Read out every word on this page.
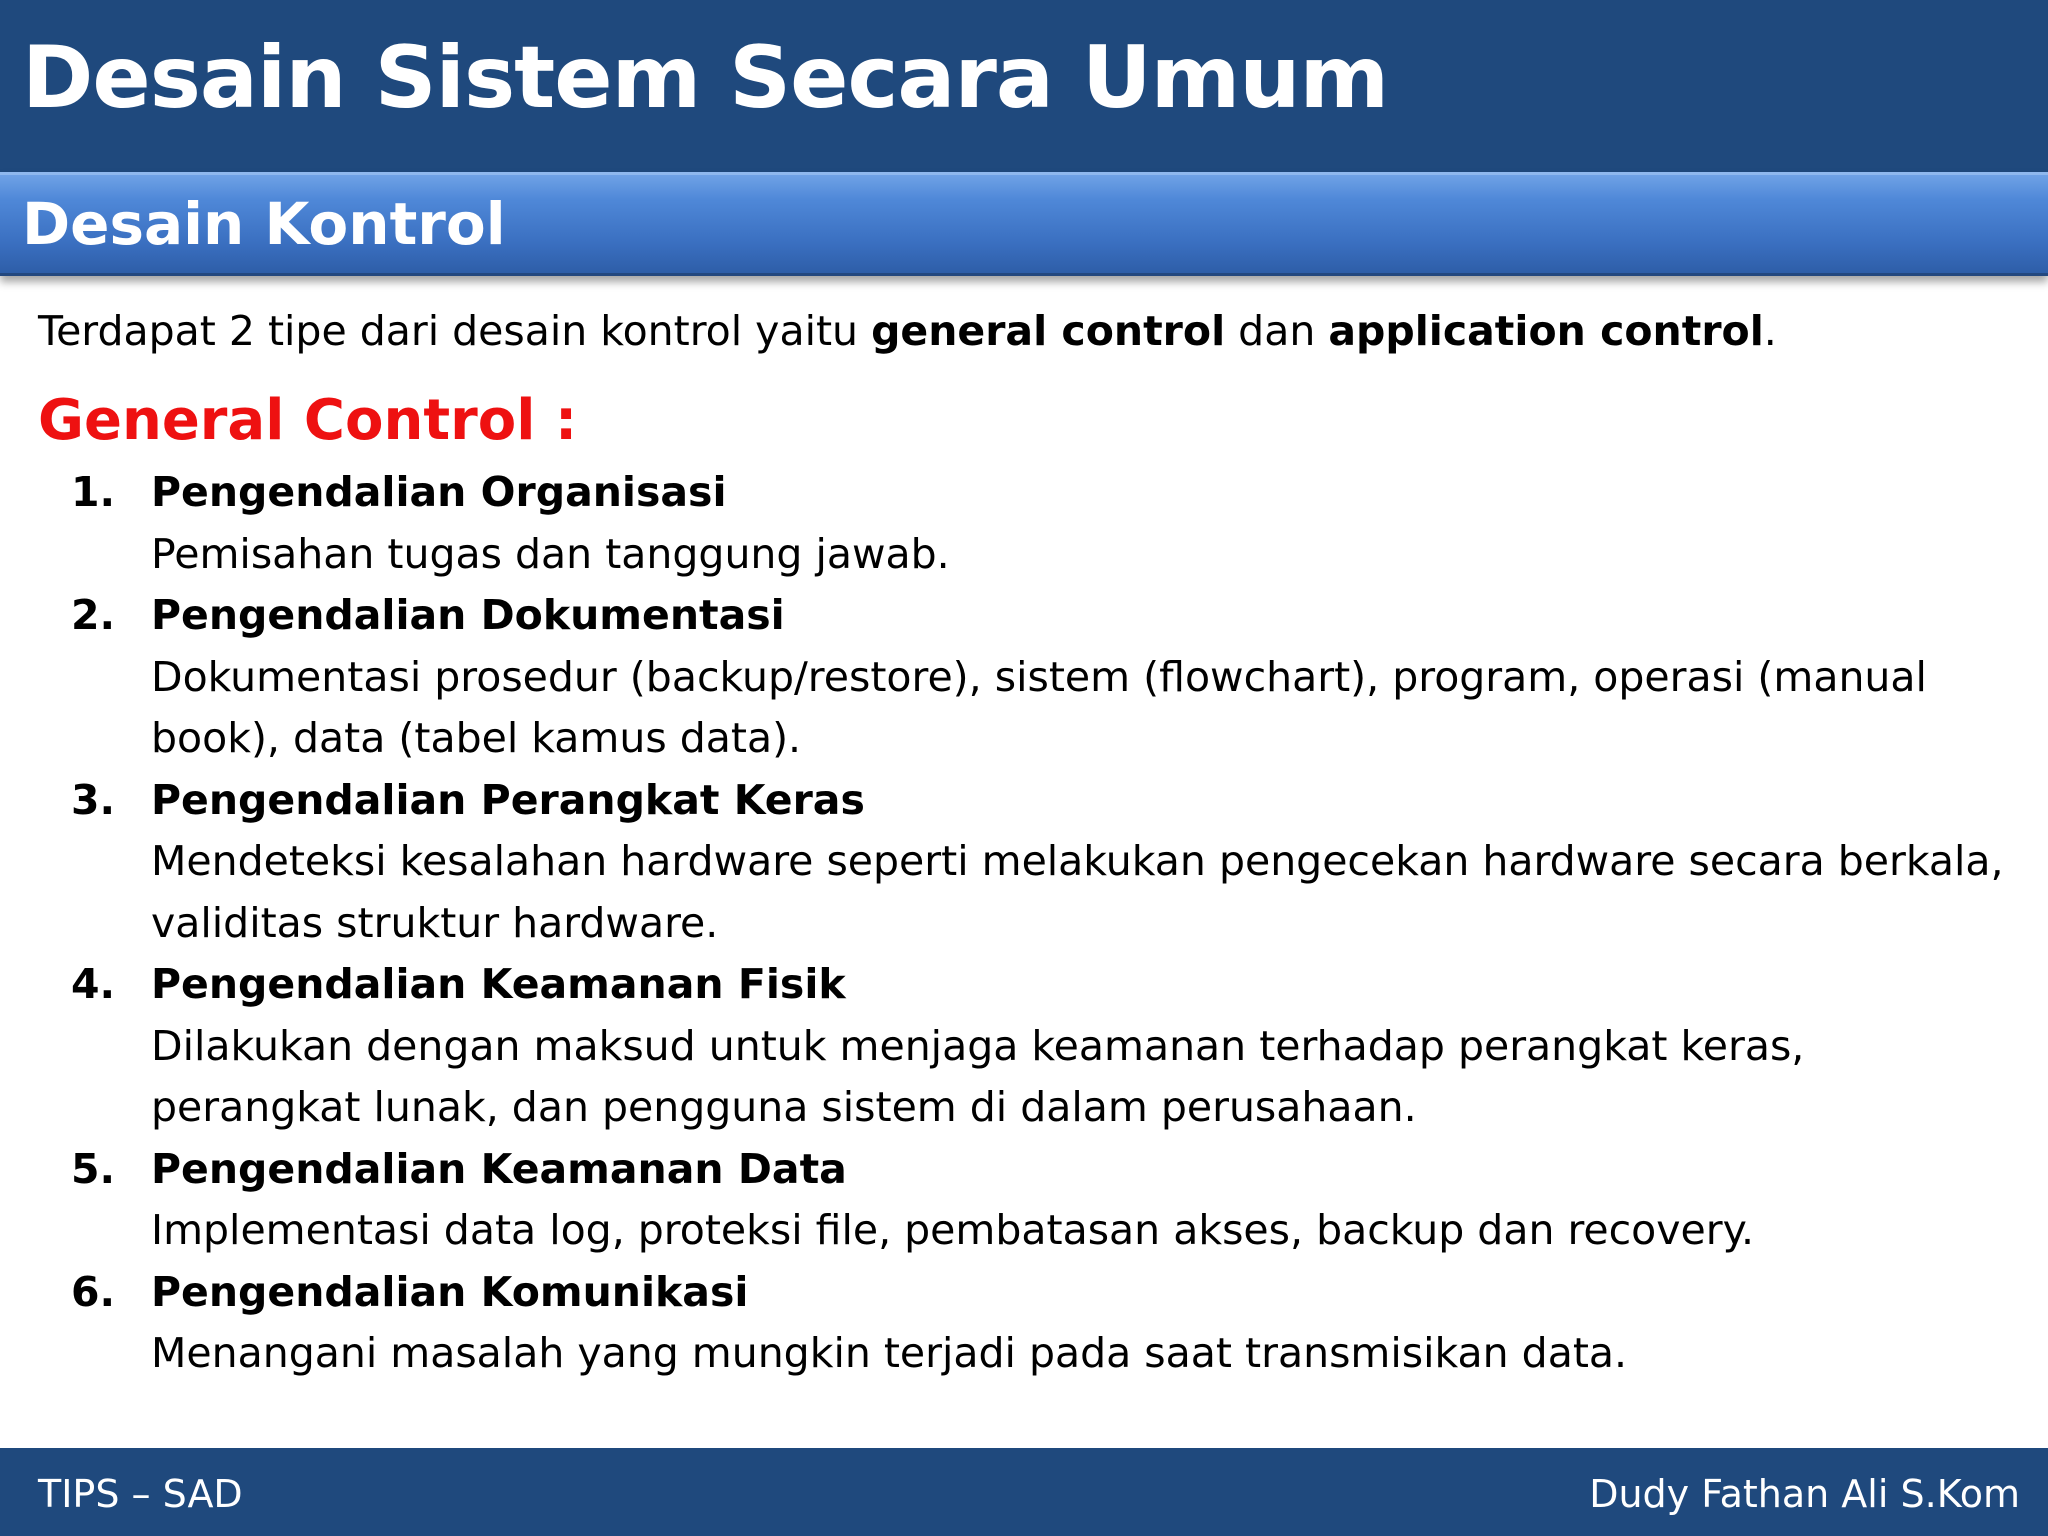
Desain Sistem Secara Umum
Desain Kontrol

Terdapat 2 tipe dari desain kontrol yaitu general control dan application control.

General Control :
1. Pengendalian Organisasi
Pemisahan tugas dan tanggung jawab.
2. Pengendalian Dokumentasi
Dokumentasi prosedur (backup/restore), sistem (flowchart), program, operasi (manual book), data (tabel kamus data).
3. Pengendalian Perangkat Keras
Mendeteksi kesalahan hardware seperti melakukan pengecekan hardware secara berkala, validitas struktur hardware.
4. Pengendalian Keamanan Fisik
Dilakukan dengan maksud untuk menjaga keamanan terhadap perangkat keras, perangkat lunak, dan pengguna sistem di dalam perusahaan.
5. Pengendalian Keamanan Data
Implementasi data log, proteksi file, pembatasan akses, backup dan recovery.
6. Pengendalian Komunikasi
Menangani masalah yang mungkin terjadi pada saat transmisikan data.
TIPS – SAD	Dudy Fathan Ali S.Kom
